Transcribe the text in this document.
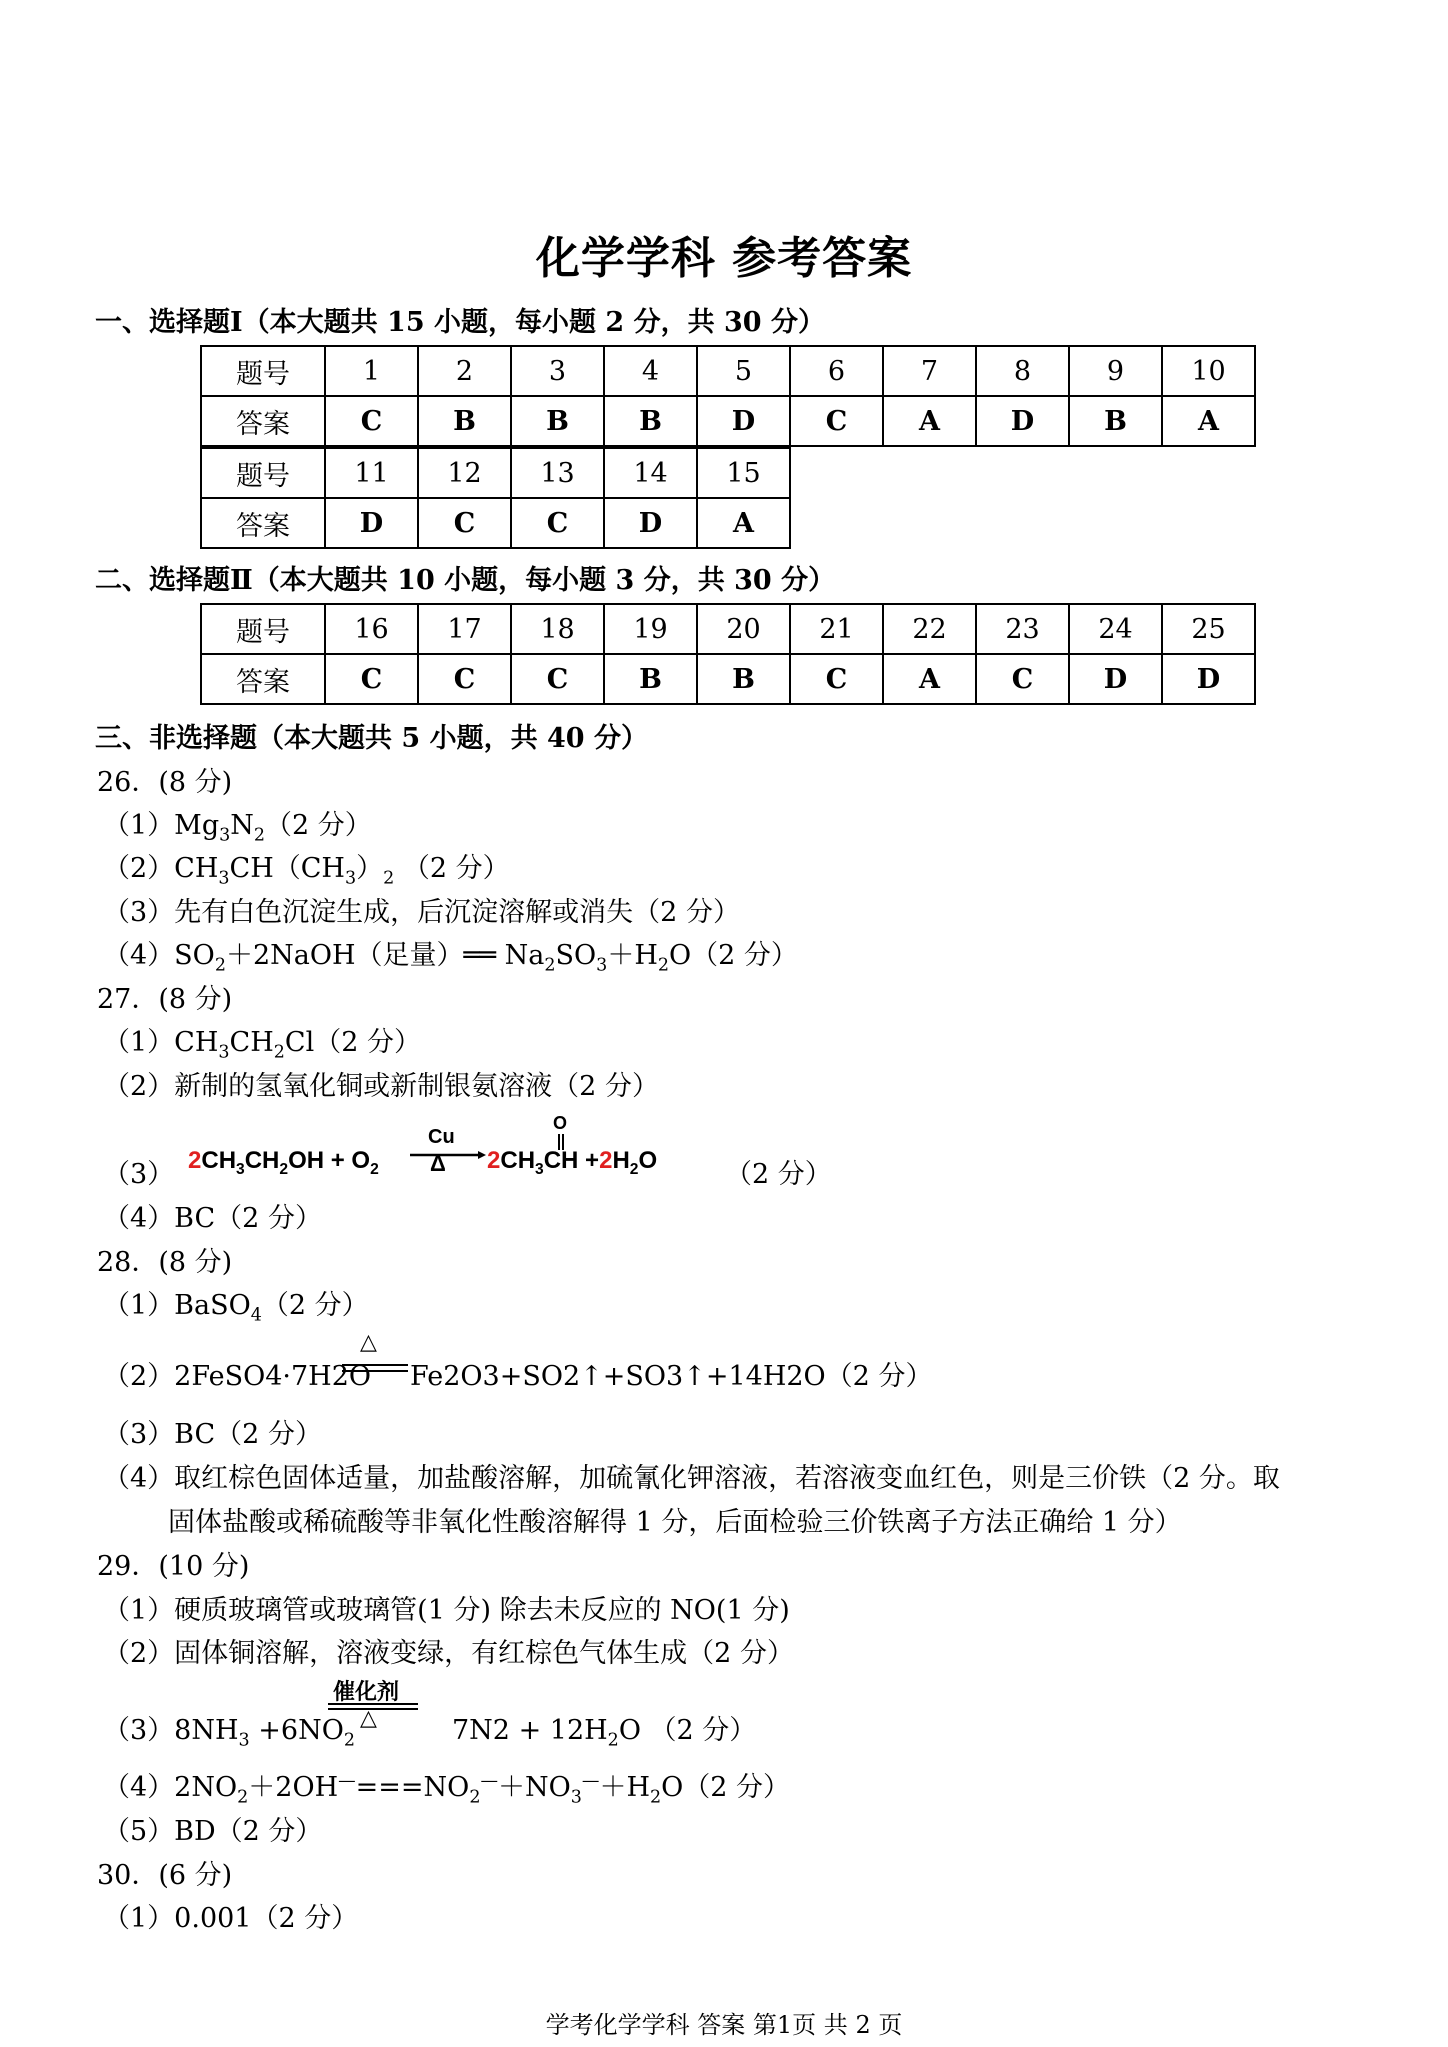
化学学科 参考答案
一、选择题Ⅰ（本大题共 15 小题，每小题 2 分，共 30 分）
题号	1	2	3	4	5	6	7	8	9	10
答案	C	B	B	B	D	C	A	D	B	A
题号	11	12	13	14	15
答案	D	C	C	D	A
二、选择题Ⅱ（本大题共 10 小题，每小题 3 分，共 30 分）
题号	16	17	18	19	20	21	22	23	24	25
答案	C	C	C	B	B	C	A	C	D	D
三、非选择题（本大题共 5 小题，共 40 分）
26．(8 分)
$(1)Mg_3N_2(2$ 分）
$(2)CH_3CH(CH_3)_2$ （2 分）
（3）先有白色沉淀生成，后沉淀溶解或消失（2 分）
$(4)SO_2+2NaOH$（足量）══ $Na_2SO_3+H_2O(2$ 分）
27．(8 分)
$(1)CH_3CH_2Cl(2$ 分）
（2）新制的氢氧化铜或新制银氨溶液（2 分）
（3） $2CH_3CH_2OH + O_2$
Cu
Δ $2CH_3CH +2H_2O$
O
（2 分）
（4）BC（2 分）
28．(8 分)
（1）BaSO$_4$（2 分）
（2）2FeSO4·7H2O
△
Fe2O3+SO2↑+SO3↑+14H2O（2 分）
（3）BC（2 分）
（4）取红棕色固体适量，加盐酸溶解，加硫氰化钾溶液，若溶液变血红色，则是三价铁（2 分。取
固体盐酸或稀硫酸等非氧化性酸溶解得 1 分，后面检验三价铁离子方法正确给 1 分）
29．(10 分)
（1）硬质玻璃管或玻璃管(1 分) 除去未反应的 NO(1 分)
（2）固体铜溶解，溶液变绿，有红棕色气体生成（2 分）
$(3)8NH_3 +6NO_2$
催化剂
△	$7N2 + 12H_2O$ （2 分）
$(4)2NO_2+2OH^—===NO_2^—+NO_3^—+H_2O(2$ 分）
（5）BD（2 分）
30．(6 分)
（1）0.001（2 分）
学考化学学科 答案 第1页 共 2 页
